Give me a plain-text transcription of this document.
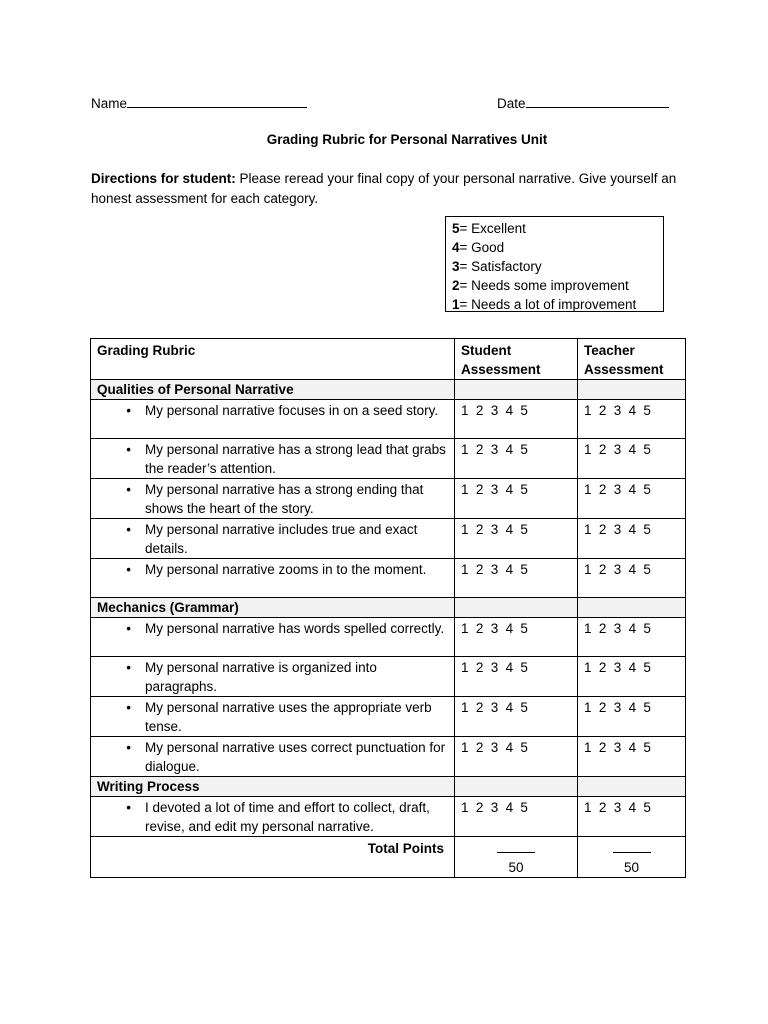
Name	Date
Grading Rubric for Personal Narratives Unit
Directions for student: Please reread your final copy of your personal narrative. Give yourself an honest assessment for each category.
5= Excellent
4= Good
3= Satisfactory
2= Needs some improvement
1= Needs a lot of improvement
Grading Rubric	Student Assessment	Teacher Assessment
Qualities of Personal Narrative		

• My personal narrative focuses in on a seed story.	1 2 3 4 5	1 2 3 4 5

• My personal narrative has a strong lead that grabs the reader’s attention.	1 2 3 4 5	1 2 3 4 5

• My personal narrative has a strong ending that shows the heart of the story.	1 2 3 4 5	1 2 3 4 5

• My personal narrative includes true and exact details.	1 2 3 4 5	1 2 3 4 5

• My personal narrative zooms in to the moment.	1 2 3 4 5	1 2 3 4 5
Mechanics (Grammar)		

• My personal narrative has words spelled correctly.	1 2 3 4 5	1 2 3 4 5

• My personal narrative is organized into paragraphs.	1 2 3 4 5	1 2 3 4 5

• My personal narrative uses the appropriate verb tense.	1 2 3 4 5	1 2 3 4 5

• My personal narrative uses correct punctuation for dialogue.	1 2 3 4 5	1 2 3 4 5
Writing Process		

• I devoted a lot of time and effort to collect, draft, revise, and edit my personal narrative.	1 2 3 4 5	1 2 3 4 5
Total Points	50	50
